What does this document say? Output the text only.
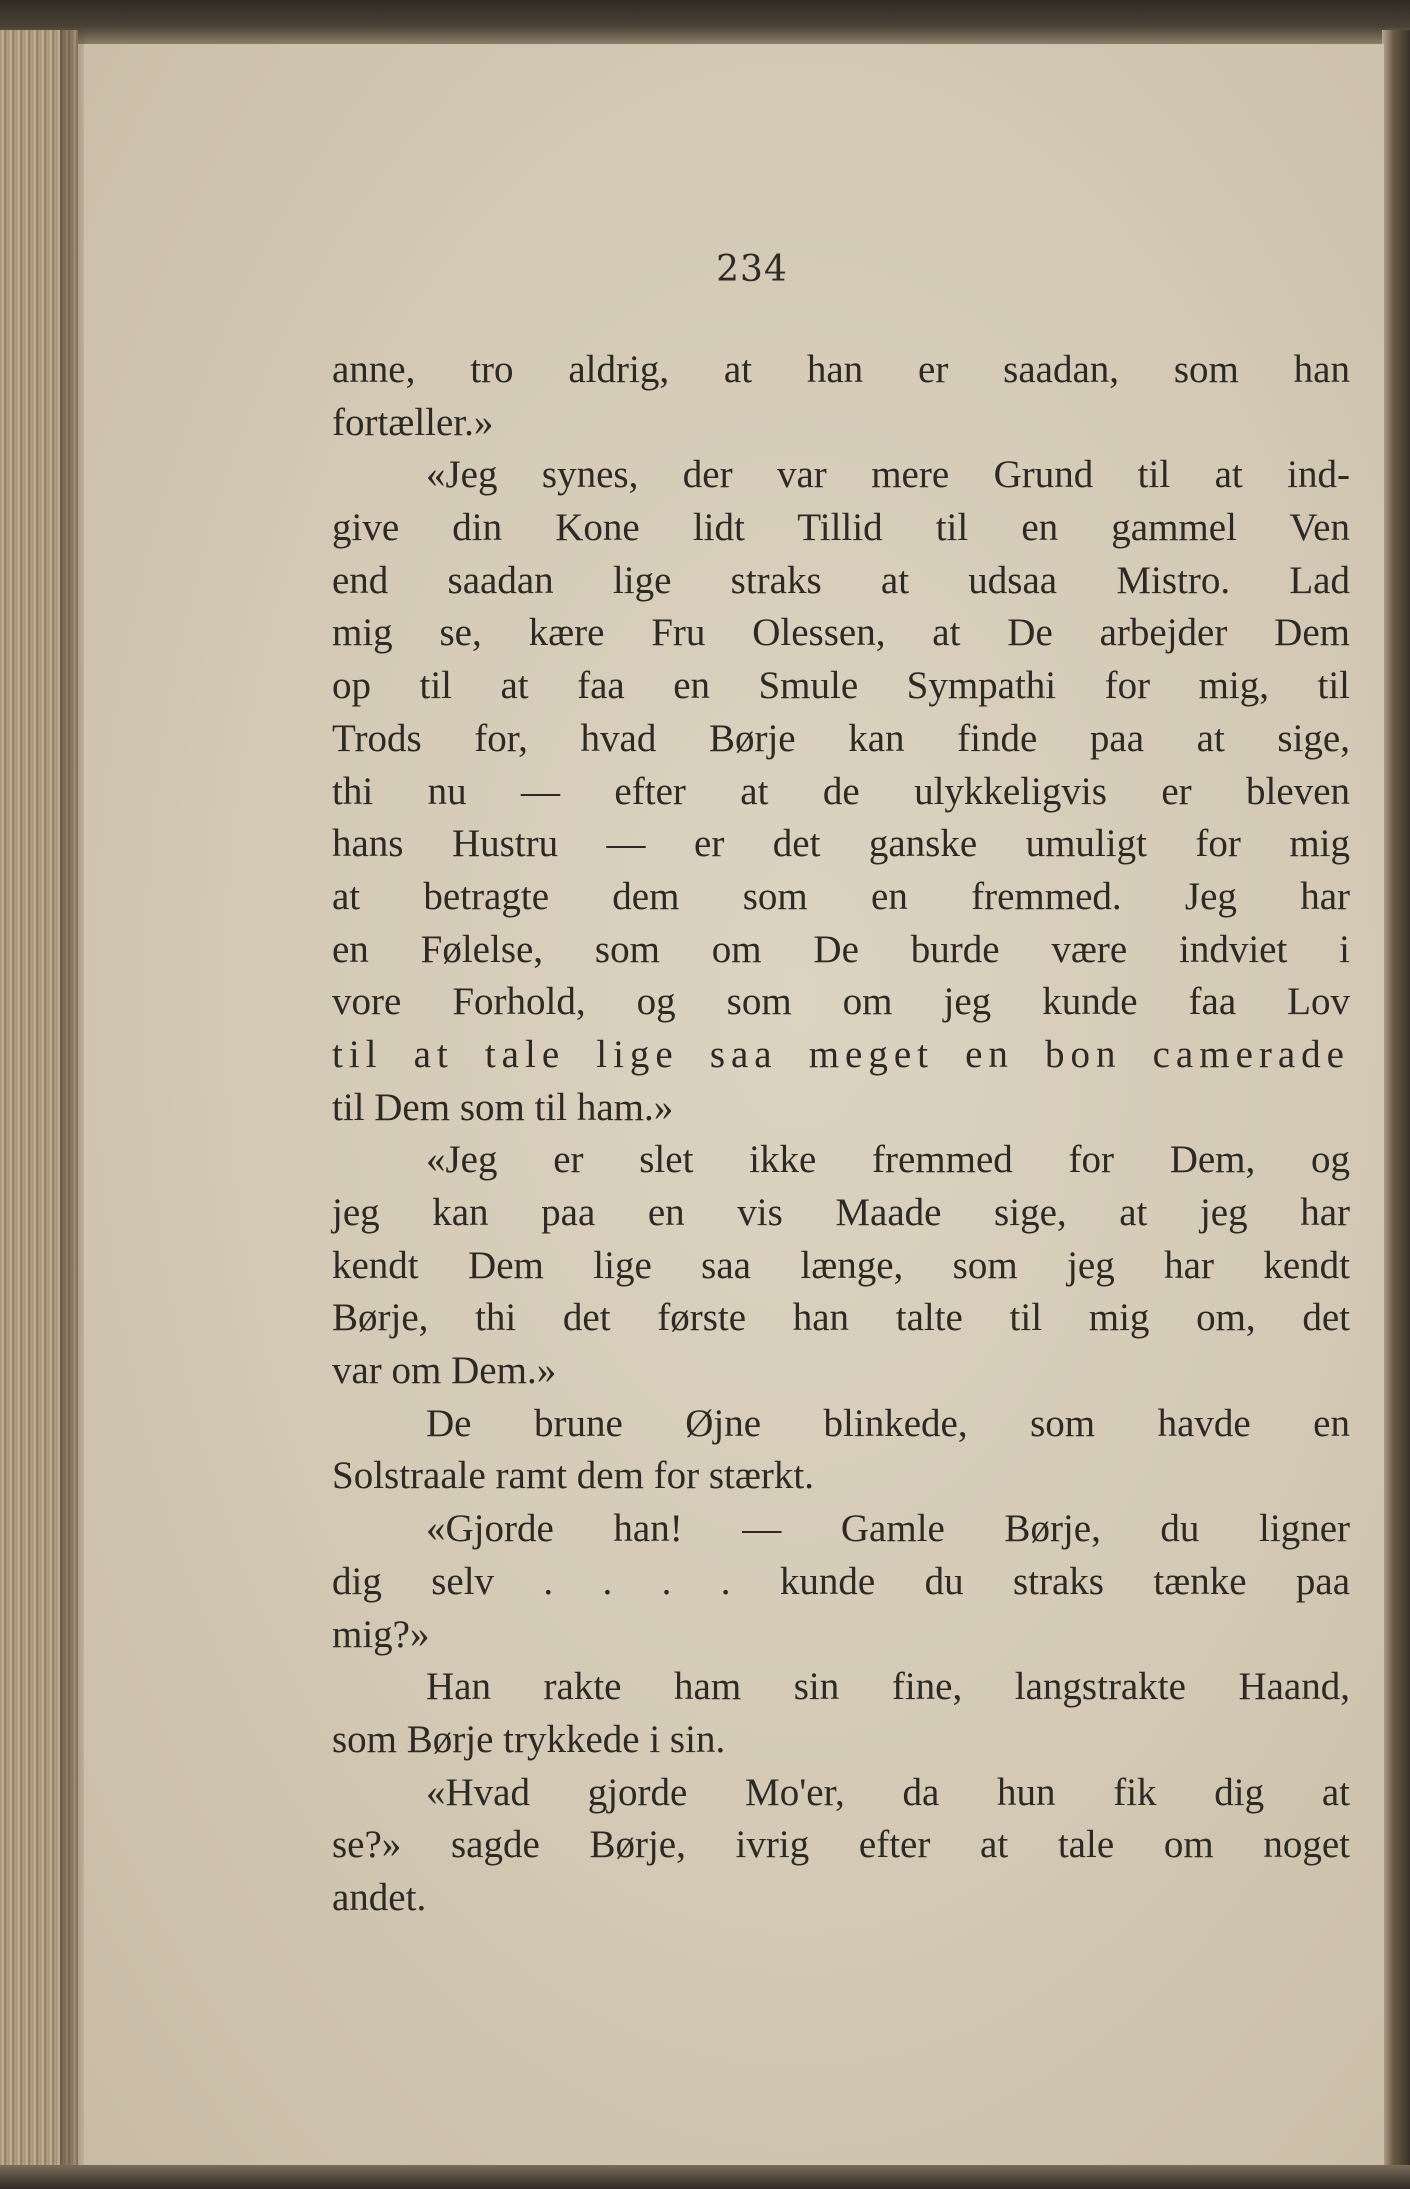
234
anne, tro aldrig, at han er saadan, som han
fortæller.»
«Jeg synes, der var mere Grund til at ind-
give din Kone lidt Tillid til en gammel Ven
end saadan lige straks at udsaa Mistro. Lad
mig se, kære Fru Olessen, at De arbejder Dem
op til at faa en Smule Sympathi for mig, til
Trods for, hvad Børje kan finde paa at sige,
thi nu — efter at de ulykkeligvis er bleven
hans Hustru — er det ganske umuligt for mig
at betragte dem som en fremmed. Jeg har
en Følelse, som om De burde være indviet i
vore Forhold, og som om jeg kunde faa Lov
til at tale lige saa meget en bon camerade
til Dem som til ham.»
«Jeg er slet ikke fremmed for Dem, og
jeg kan paa en vis Maade sige, at jeg har
kendt Dem lige saa længe, som jeg har kendt
Børje, thi det første han talte til mig om, det
var om Dem.»
De brune Øjne blinkede, som havde en
Solstraale ramt dem for stærkt.
«Gjorde han! — Gamle Børje, du ligner
dig selv . . . . kunde du straks tænke paa
mig?»
Han rakte ham sin fine, langstrakte Haand,
som Børje trykkede i sin.
«Hvad gjorde Mo'er, da hun fik dig at
se?» sagde Børje, ivrig efter at tale om noget
andet.
